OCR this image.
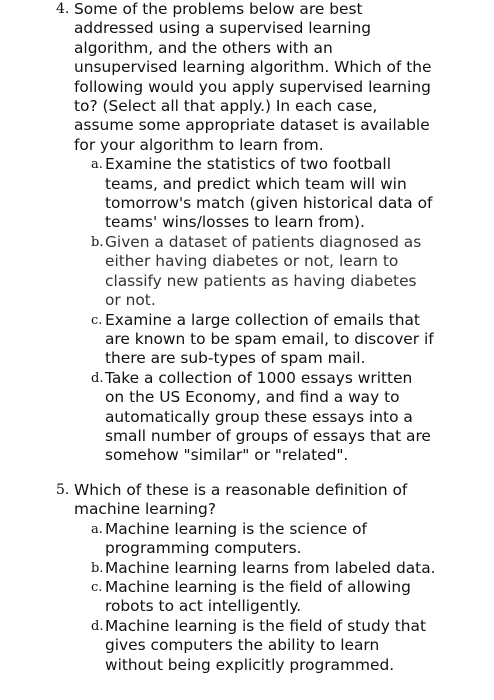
4. Some of the problems below are best addressed using a supervised learning algorithm, and the others with an unsupervised learning algorithm. Which of the following would you apply supervised learning to? (Select all that apply.) In each case, assume some appropriate dataset is available for your algorithm to learn from.
a. Examine the statistics of two football teams, and predict which team will win tomorrow's match (given historical data of teams' wins/losses to learn from).
b. Given a dataset of patients diagnosed as either having diabetes or not, learn to classify new patients as having diabetes or not.
c. Examine a large collection of emails that are known to be spam email, to discover if there are sub-types of spam mail.
d. Take a collection of 1000 essays written on the US Economy, and find a way to automatically group these essays into a small number of groups of essays that are somehow "similar" or "related".
5. Which of these is a reasonable definition of machine learning?
a. Machine learning is the science of programming computers.
b. Machine learning learns from labeled data.
c. Machine learning is the field of allowing robots to act intelligently.
d. Machine learning is the field of study that gives computers the ability to learn without being explicitly programmed.
